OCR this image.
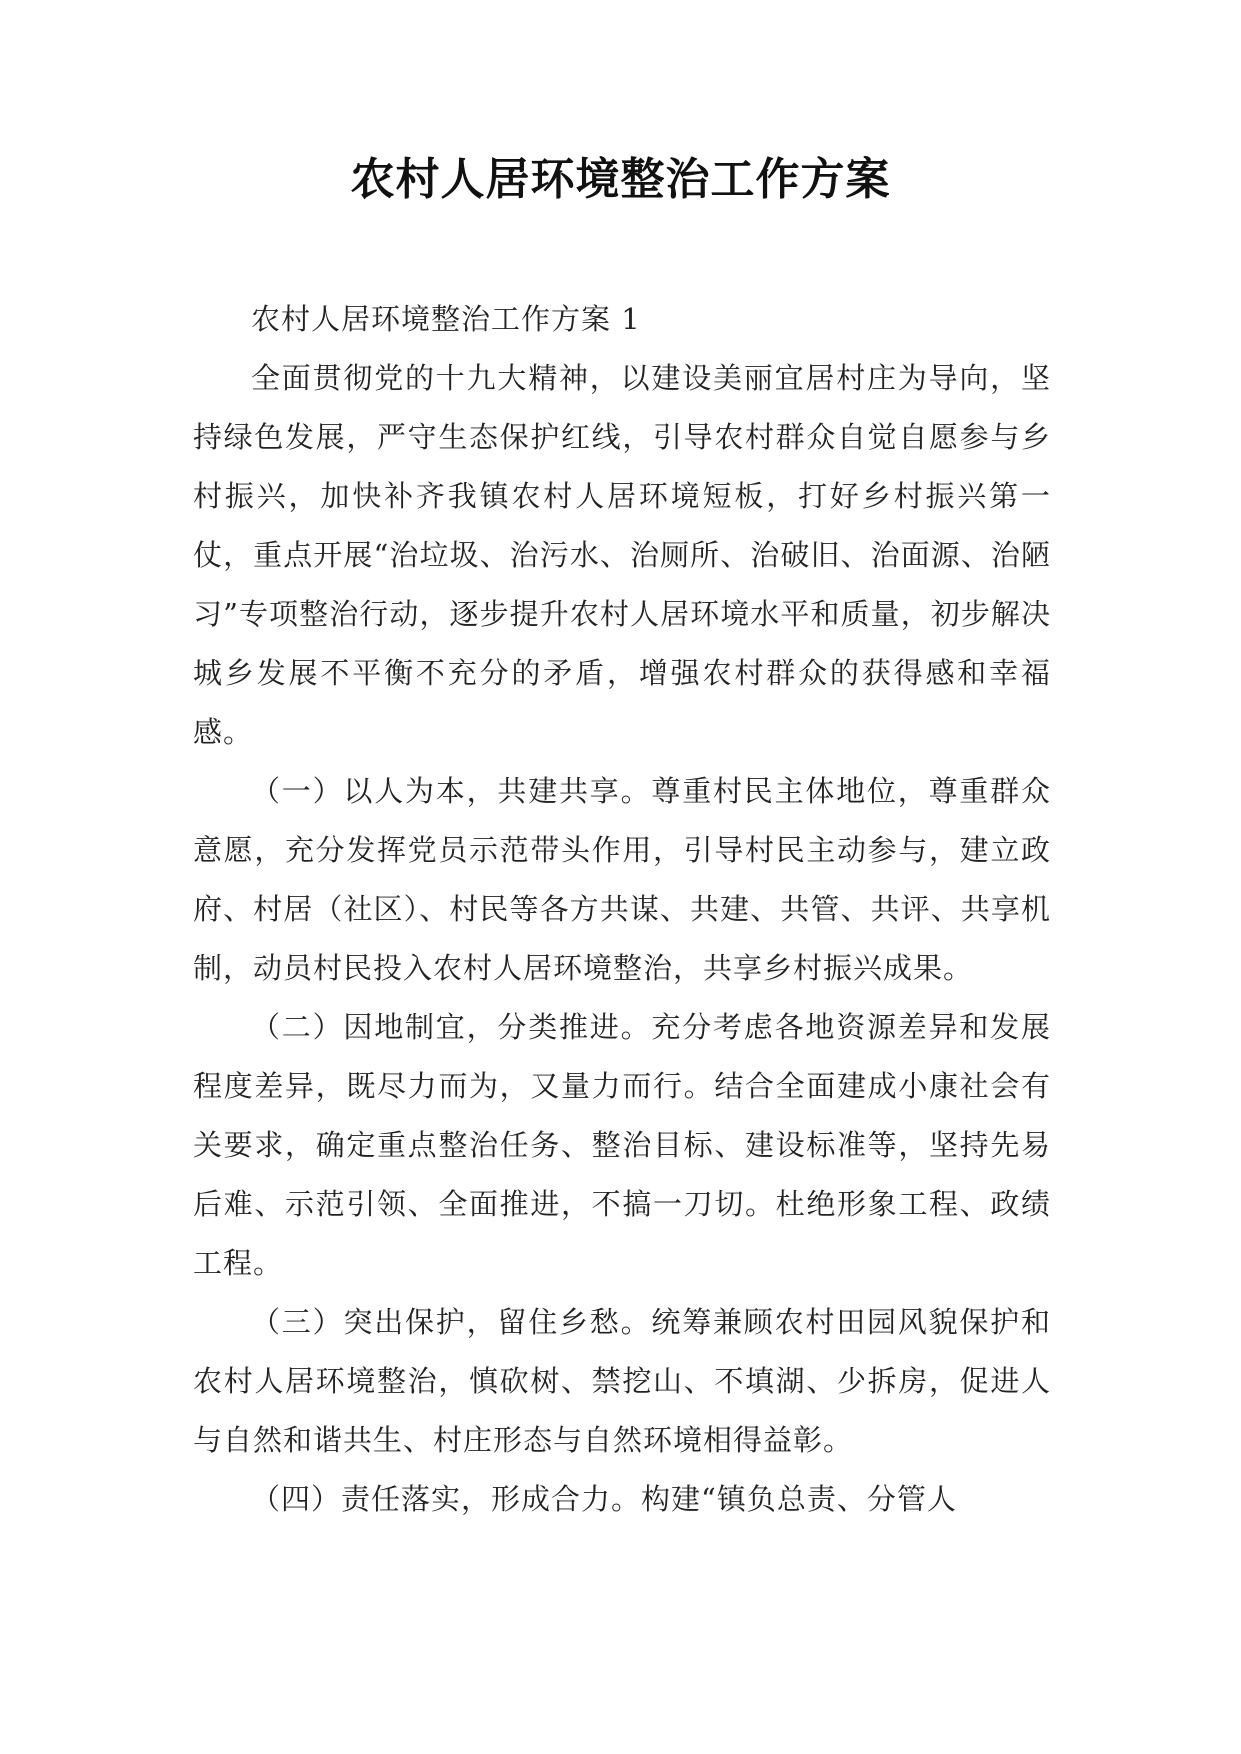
农村人居环境整治工作方案

农村人居环境整治工作方案 1

全面贯彻党的十九大精神，以建设美丽宜居村庄为导向，坚持绿色发展，严守生态保护红线，引导农村群众自觉自愿参与乡村振兴，加快补齐我镇农村人居环境短板，打好乡村振兴第一仗，重点开展“治垃圾、治污水、治厕所、治破旧、治面源、治陋习”专项整治行动，逐步提升农村人居环境水平和质量，初步解决城乡发展不平衡不充分的矛盾，增强农村群众的获得感和幸福感。

（一）以人为本，共建共享。尊重村民主体地位，尊重群众意愿，充分发挥党员示范带头作用，引导村民主动参与，建立政府、村居（社区）、村民等各方共谋、共建、共管、共评、共享机制，动员村民投入农村人居环境整治，共享乡村振兴成果。

（二）因地制宜，分类推进。充分考虑各地资源差异和发展程度差异，既尽力而为，又量力而行。结合全面建成小康社会有关要求，确定重点整治任务、整治目标、建设标准等，坚持先易后难、示范引领、全面推进，不搞一刀切。杜绝形象工程、政绩工程。

（三）突出保护，留住乡愁。统筹兼顾农村田园风貌保护和农村人居环境整治，慎砍树、禁挖山、不填湖、少拆房，促进人与自然和谐共生、村庄形态与自然环境相得益彰。

（四）责任落实，形成合力。构建“镇负总责、分管人
